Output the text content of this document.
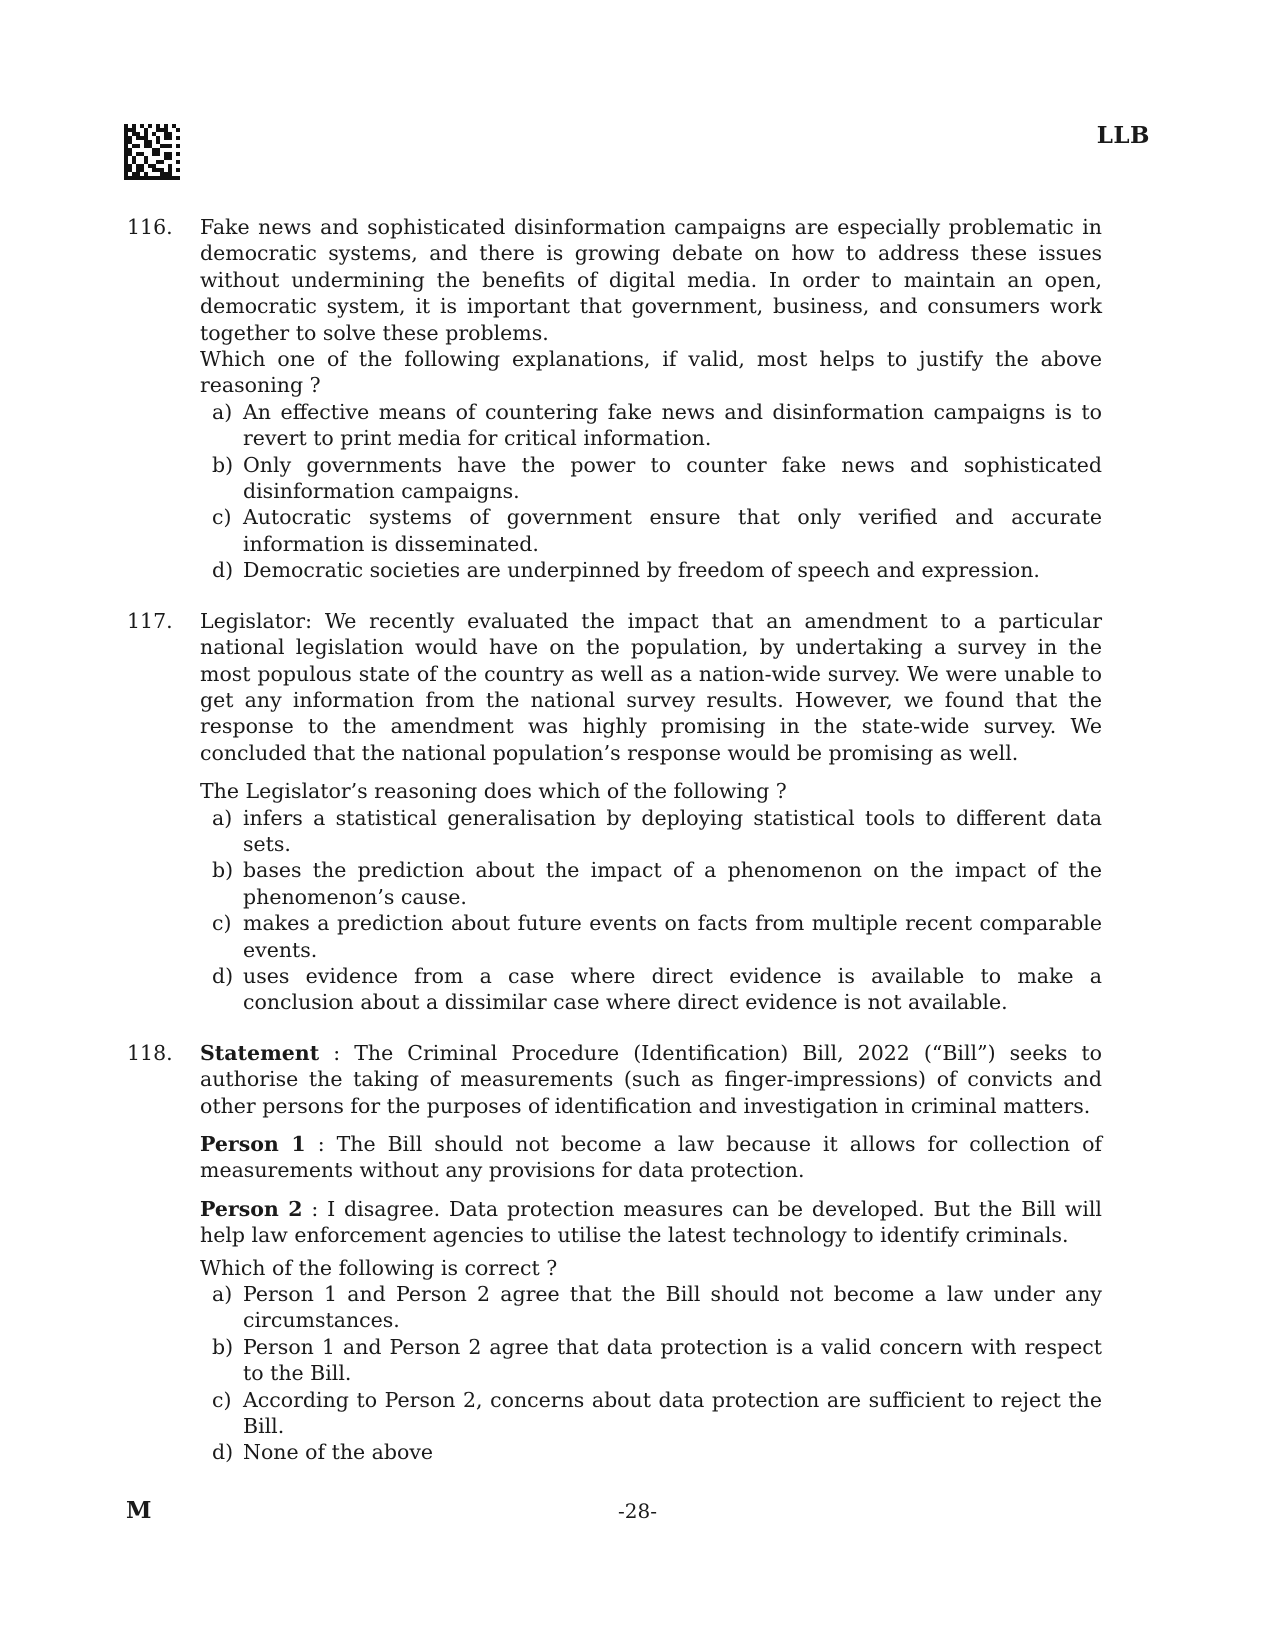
LLB
116. Fake news and sophisticated disinformation campaigns are especially problematic in democratic systems, and there is growing debate on how to address these issues without undermining the benefits of digital media. In order to maintain an open, democratic system, it is important that government, business, and consumers work together to solve these problems.

Which one of the following explanations, if valid, most helps to justify the above reasoning ?

a) An effective means of countering fake news and disinformation campaigns is to revert to print media for critical information.
b) Only governments have the power to counter fake news and sophisticated disinformation campaigns.
c) Autocratic systems of government ensure that only verified and accurate information is disseminated.
d) Democratic societies are underpinned by freedom of speech and expression.
117. Legislator: We recently evaluated the impact that an amendment to a particular national legislation would have on the population, by undertaking a survey in the most populous state of the country as well as a nation-wide survey. We were unable to get any information from the national survey results. However, we found that the response to the amendment was highly promising in the state-wide survey. We concluded that the national population’s response would be promising as well.

The Legislator’s reasoning does which of the following ?

a) infers a statistical generalisation by deploying statistical tools to different data sets.
b) bases the prediction about the impact of a phenomenon on the impact of the phenomenon’s cause.
c) makes a prediction about future events on facts from multiple recent comparable events.
d) uses evidence from a case where direct evidence is available to make a conclusion about a dissimilar case where direct evidence is not available.
118. Statement : The Criminal Procedure (Identification) Bill, 2022 (“Bill”) seeks to authorise the taking of measurements (such as finger-impressions) of convicts and other persons for the purposes of identification and investigation in criminal matters.

Person 1 : The Bill should not become a law because it allows for collection of measurements without any provisions for data protection.

Person 2 : I disagree. Data protection measures can be developed. But the Bill will help law enforcement agencies to utilise the latest technology to identify criminals.

Which of the following is correct ?

a) Person 1 and Person 2 agree that the Bill should not become a law under any circumstances.
b) Person 1 and Person 2 agree that data protection is a valid concern with respect to the Bill.
c) According to Person 2, concerns about data protection are sufficient to reject the Bill.
d) None of the above
M	-28-
